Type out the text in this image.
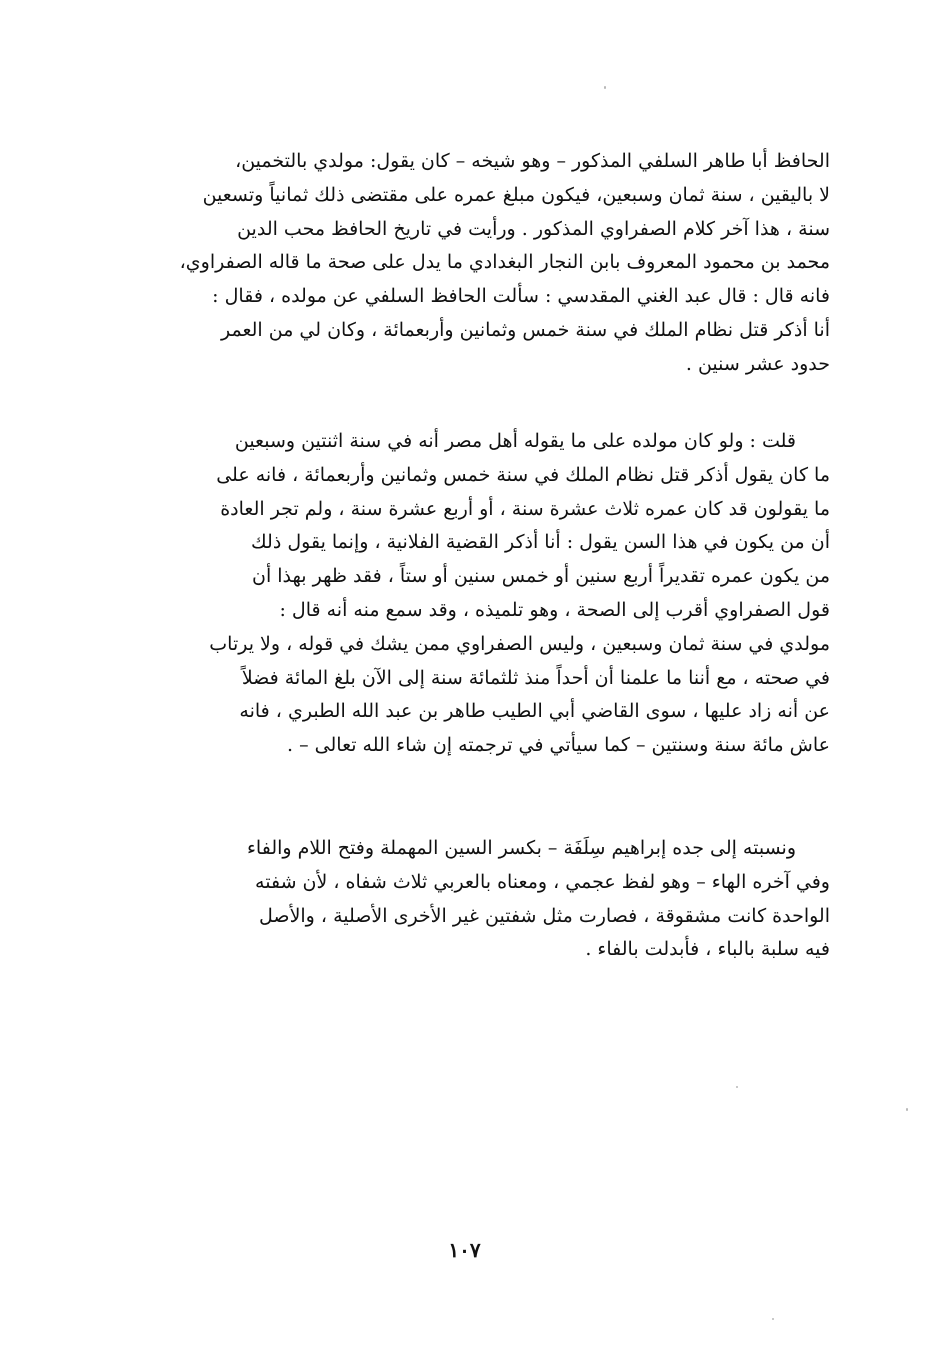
الحافظ أبا طاهر السلفي المذكور – وهو شيخه – كان يقول: مولدي بالتخمين،
لا باليقين ، سنة ثمان وسبعين، فيكون مبلغ عمره على مقتضى ذلك ثمانياً وتسعين
سنة ، هذا آخر كلام الصفراوي المذكور . ورأيت في تاريخ الحافظ محب الدين
محمد بن محمود المعروف بابن النجار البغدادي ما يدل على صحة ما قاله الصفراوي،
فانه قال : قال عبد الغني المقدسي : سألت الحافظ السلفي عن مولده ، فقال :
أنا أذكر قتل نظام الملك في سنة خمس وثمانين وأربعمائة ، وكان لي من العمر
حدود عشر سنين .
قلت : ولو كان مولده على ما يقوله أهل مصر أنه في سنة اثنتين وسبعين
ما كان يقول أذكر قتل نظام الملك في سنة خمس وثمانين وأربعمائة ، فانه على
ما يقولون قد كان عمره ثلاث عشرة سنة ، أو أربع عشرة سنة ، ولم تجر العادة
أن من يكون في هذا السن يقول : أنا أذكر القضية الفلانية ، وإنما يقول ذلك
من يكون عمره تقديراً أربع سنين أو خمس سنين أو ستاً ، فقد ظهر بهذا أن
قول الصفراوي أقرب إلى الصحة ، وهو تلميذه ، وقد سمع منه أنه قال :
مولدي في سنة ثمان وسبعين ، وليس الصفراوي ممن يشك في قوله ، ولا يرتاب
في صحته ، مع أننا ما علمنا أن أحداً منذ ثلثمائة سنة إلى الآن بلغ المائة فضلاً
عن أنه زاد عليها ، سوى القاضي أبي الطيب طاهر بن عبد الله الطبري ، فانه
عاش مائة سنة وسنتين – كما سيأتي في ترجمته إن شاء الله تعالى – .
ونسبته إلى جده إبراهيم سِلَفَة – بكسر السين المهملة وفتح اللام والفاء
وفي آخره الهاء – وهو لفظ عجمي ، ومعناه بالعربي ثلاث شفاه ، لأن شفته
الواحدة كانت مشقوقة ، فصارت مثل شفتين غير الأخرى الأصلية ، والأصل
فيه سلبة بالباء ، فأبدلت بالفاء .
١٠٧
